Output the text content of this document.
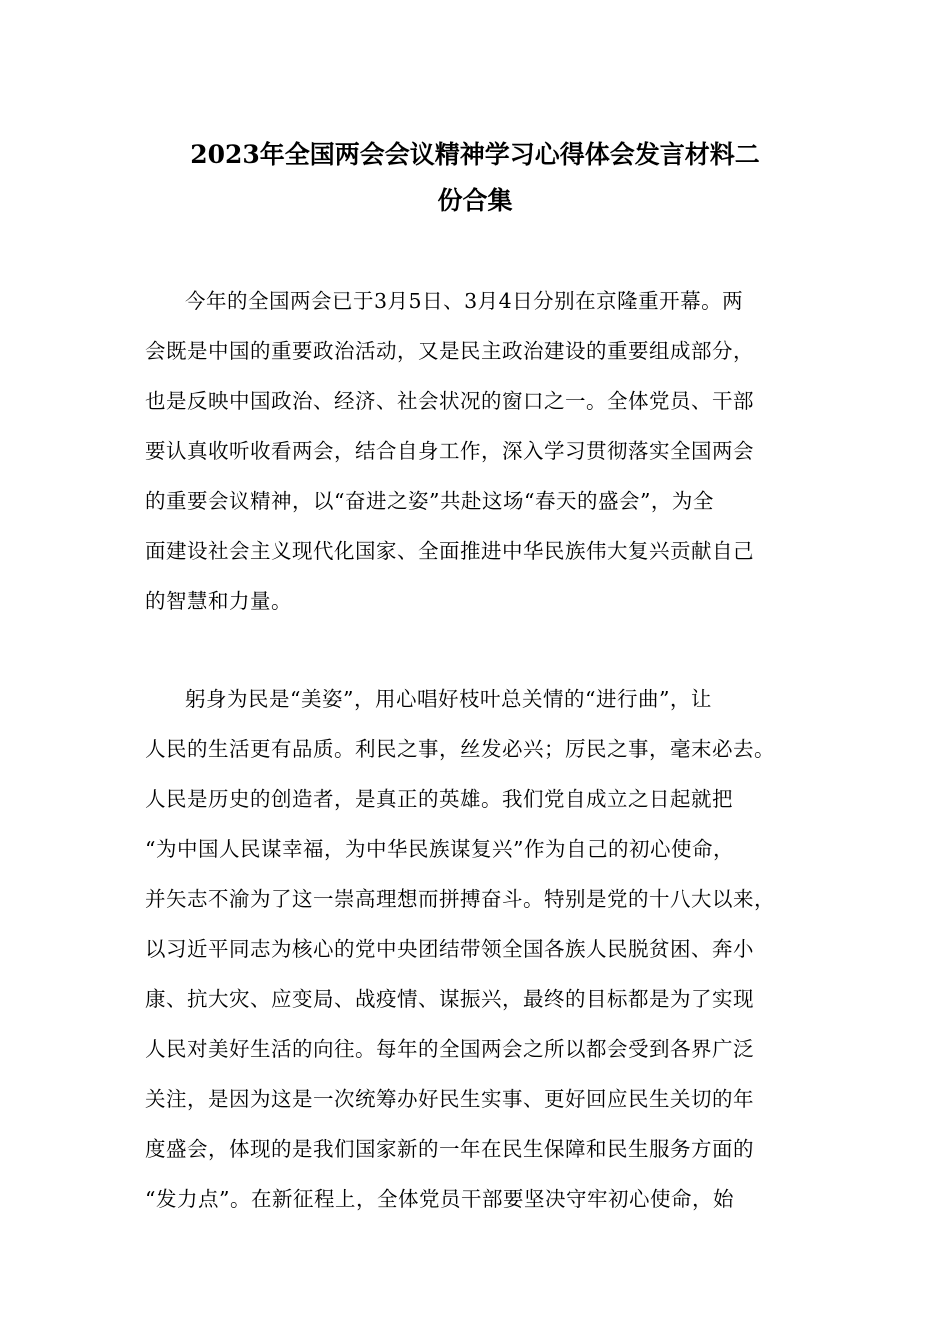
2023年全国两会会议精神学习心得体会发言材料二
份合集
今年的全国两会已于3月5日、3月4日分别在京隆重开幕。两
会既是中国的重要政治活动，又是民主政治建设的重要组成部分，
也是反映中国政治、经济、社会状况的窗口之一。全体党员、干部
要认真收听收看两会，结合自身工作，深入学习贯彻落实全国两会
的重要会议精神，以“奋进之姿”共赴这场“春天的盛会”，为全
面建设社会主义现代化国家、全面推进中华民族伟大复兴贡献自己
的智慧和力量。
躬身为民是“美姿”，用心唱好枝叶总关情的“进行曲”，让
人民的生活更有品质。利民之事，丝发必兴；厉民之事，毫末必去。
人民是历史的创造者，是真正的英雄。我们党自成立之日起就把
“为中国人民谋幸福，为中华民族谋复兴”作为自己的初心使命，
并矢志不渝为了这一崇高理想而拼搏奋斗。特别是党的十八大以来，
以习近平同志为核心的党中央团结带领全国各族人民脱贫困、奔小
康、抗大灾、应变局、战疫情、谋振兴，最终的目标都是为了实现
人民对美好生活的向往。每年的全国两会之所以都会受到各界广泛
关注，是因为这是一次统筹办好民生实事、更好回应民生关切的年
度盛会，体现的是我们国家新的一年在民生保障和民生服务方面的
“发力点”。在新征程上，全体党员干部要坚决守牢初心使命，始
